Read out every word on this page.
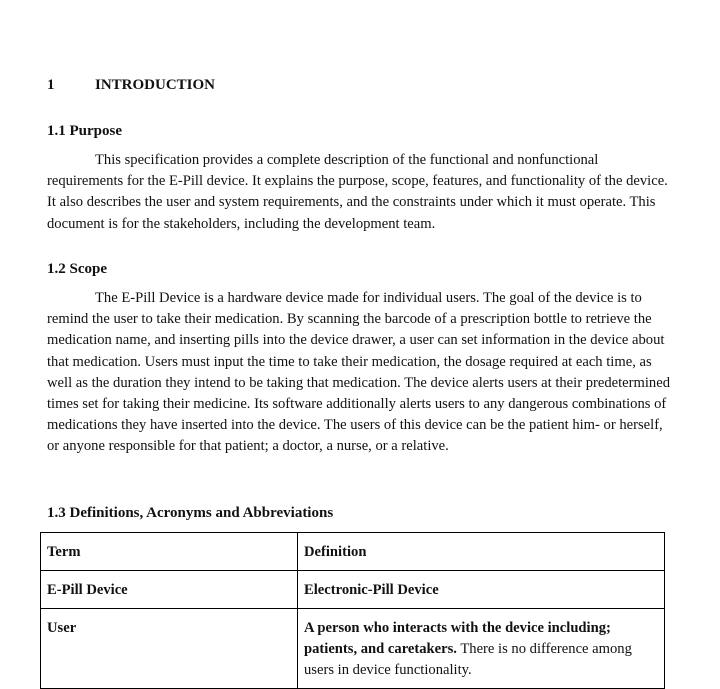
1	INTRODUCTION
1.1 Purpose

This specification provides a complete description of the functional and nonfunctional requirements for the E-Pill device. It explains the purpose, scope, features, and functionality of the device. It also describes the user and system requirements, and the constraints under which it must operate. This document is for the stakeholders, including the development team.

1.2 Scope

The E-Pill Device is a hardware device made for individual users. The goal of the device is to remind the user to take their medication. By scanning the barcode of a prescription bottle to retrieve the medication name, and inserting pills into the device drawer, a user can set information in the device about that medication. Users must input the time to take their medication, the dosage required at each time, as well as the duration they intend to be taking that medication. The device alerts users at their predetermined times set for taking their medicine. Its software additionally alerts users to any dangerous combinations of medications they have inserted into the device. The users of this device can be the patient him- or herself, or anyone responsible for that patient; a doctor, a nurse, or a relative.

1.3 Definitions, Acronyms and Abbreviations
Term	Definition
E-Pill Device	Electronic-Pill Device
User	A person who interacts with the device including; patients, and caretakers. There is no difference among users in device functionality.
